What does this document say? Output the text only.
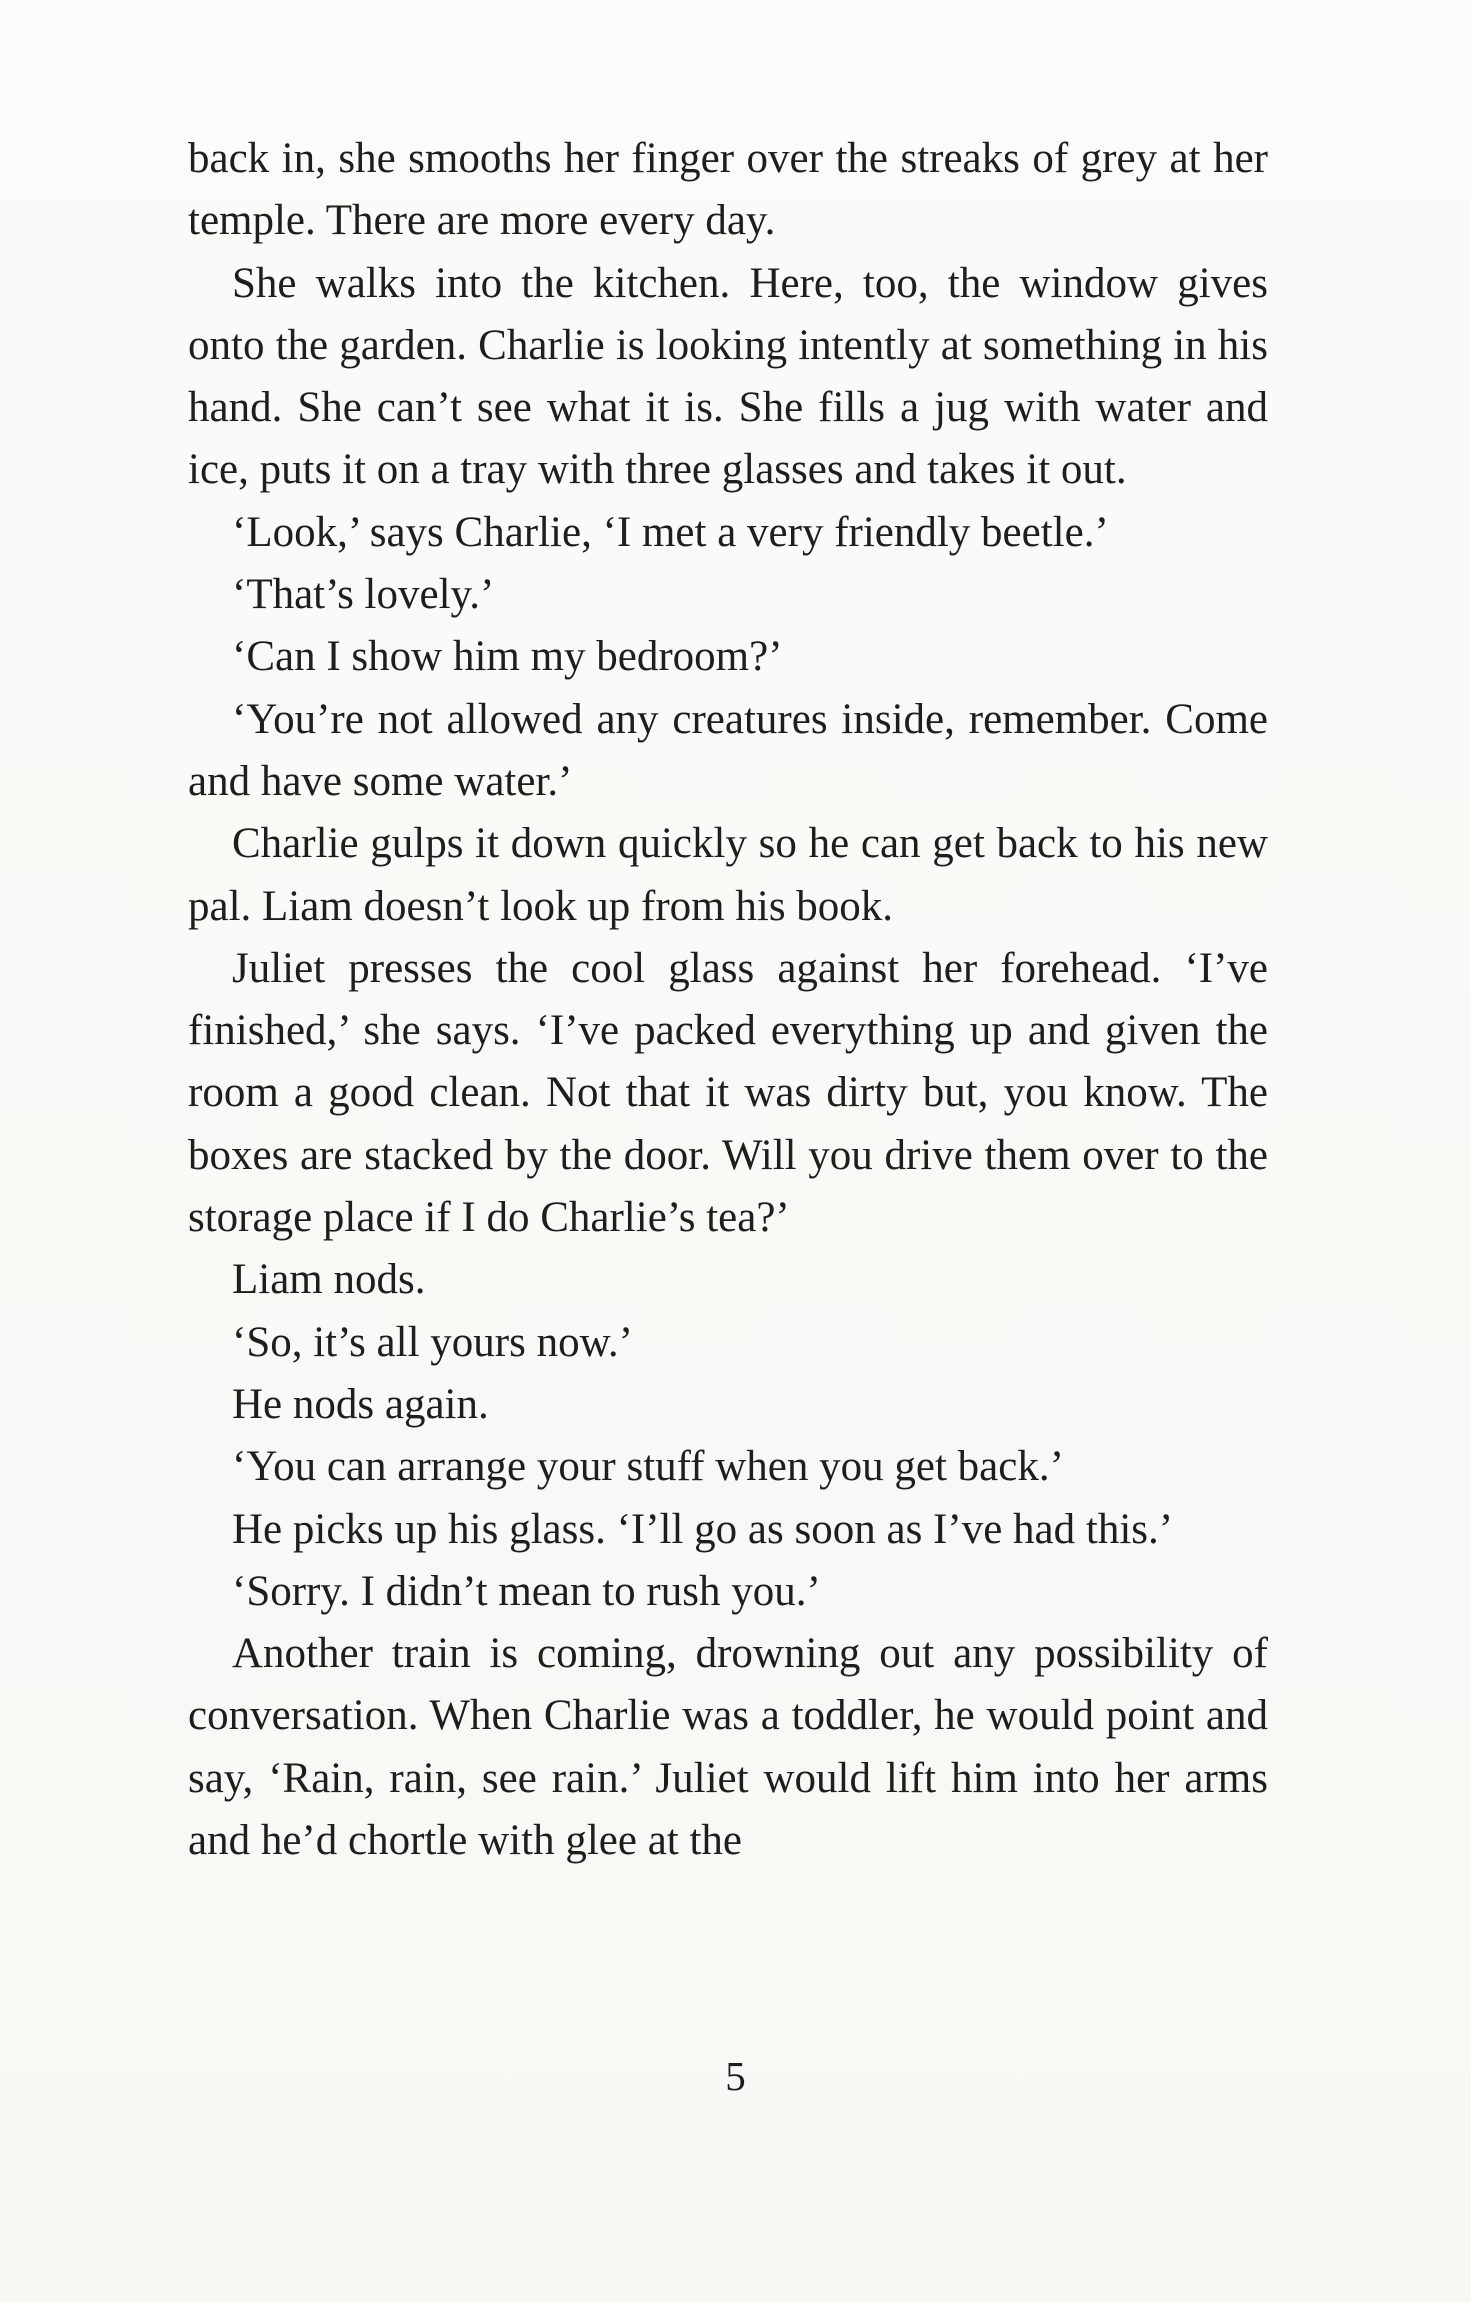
back in, she smooths her finger over the streaks of grey at her temple. There are more every day.

She walks into the kitchen. Here, too, the window gives onto the garden. Charlie is looking intently at something in his hand. She can’t see what it is. She fills a jug with water and ice, puts it on a tray with three glasses and takes it out.

‘Look,’ says Charlie, ‘I met a very friendly beetle.’

‘That’s lovely.’

‘Can I show him my bedroom?’

‘You’re not allowed any creatures inside, remember. Come and have some water.’

Charlie gulps it down quickly so he can get back to his new pal. Liam doesn’t look up from his book.

Juliet presses the cool glass against her forehead. ‘I’ve finished,’ she says. ‘I’ve packed everything up and given the room a good clean. Not that it was dirty but, you know. The boxes are stacked by the door. Will you drive them over to the storage place if I do Charlie’s tea?’

Liam nods.

‘So, it’s all yours now.’

He nods again.

‘You can arrange your stuff when you get back.’

He picks up his glass. ‘I’ll go as soon as I’ve had this.’

‘Sorry. I didn’t mean to rush you.’

Another train is coming, drowning out any possibility of conversation. When Charlie was a toddler, he would point and say, ‘Rain, rain, see rain.’ Juliet would lift him into her arms and he’d chortle with glee at the

5
